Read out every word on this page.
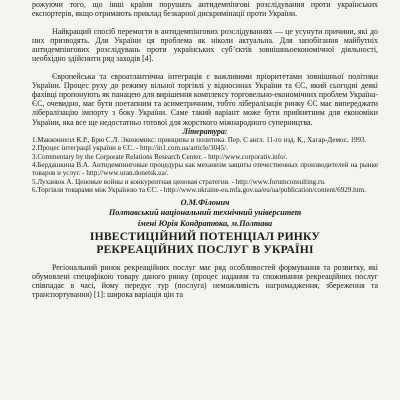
рожуючи того, що інші країни порушать антидемпінгові розслідування проти українських експортерів, якщо отримають приклад безкарної дискримінації проти України.

Найкращий спосіб перемогти в антидемпінгових розслідуваннях — це усунути причини, які до них призводять. Для України ця проблема як ніколи актуальна. Для запобігання майбутніх антидемпінгових розслідувань проти українських суб’єктів зовнішньоекономічної діяльності, необхідно здійснити ряд заходів [4].

Європейська та євроатлантична інтеграція є важливими пріоритетами зовнішньої політики України. Процес руху до режиму вільної торгівлі у відносинах України та ЄС, який сьогодні деякі фахівці пропонують як панацею для вирішення комплексу торговельно-економічних проблем Україна-ЄС, очевидно, має бути поетапним та асиметричним, тобто лібералізація ринку ЄС має випереджати лібералізацію імпорту з боку України. Саме такий варіант може бути прийнятним для економіки України, яка все ще недостатньо готової для жорсткого міжнародного суперництва.

Література:

1.Макконнелл К.Р., Брю С.Л. Экономикс: принципы и политика. Пер. С англ. 11-го изд. К., Хагар-Демос, 1993.
2.Процес інтеграції україни в ЄС. - http://in1.com.ua/article/3045/.
3.Commentary by the Corporate Relations Research Center. - http://www.corporativ.info/.
4.Бердашкина В.А. Антидемпинговые процедуры как механизм защиты отечественных производителей на рынке товаров и услуг. - http://www.uran.donetsk.ua/.
5.Луханюк А. Ценовые войны и конкурентная ценовая стратегия. - http://www.forumconsulting.ru.
6.Торгівля товарами між Україною та ЄС. - http://www.ukraine-eu.mfa.gov.ua/eu/ua/publication/content/6929.htm.

О.М.Філонич

Полтавський національний технічний університет

імені Юрія Кондратюка, м.Полтава

ІНВЕСТИЦІЙНИЙ ПОТЕНЦІАЛ РИНКУ
РЕКРЕАЦІЙНИХ ПОСЛУГ В УКРАЇНІ

Регіональний ринок рекреаційних послуг має ряд особливостей формування та розвитку, які обумовлені специфікою товару даного ринку (процес надання та споживання рекреаційних послуг співпадає в часі, йому передує тур (послуга) неможливість нагромадження, збереження та транспортування) [1]: широка варіація цін та
